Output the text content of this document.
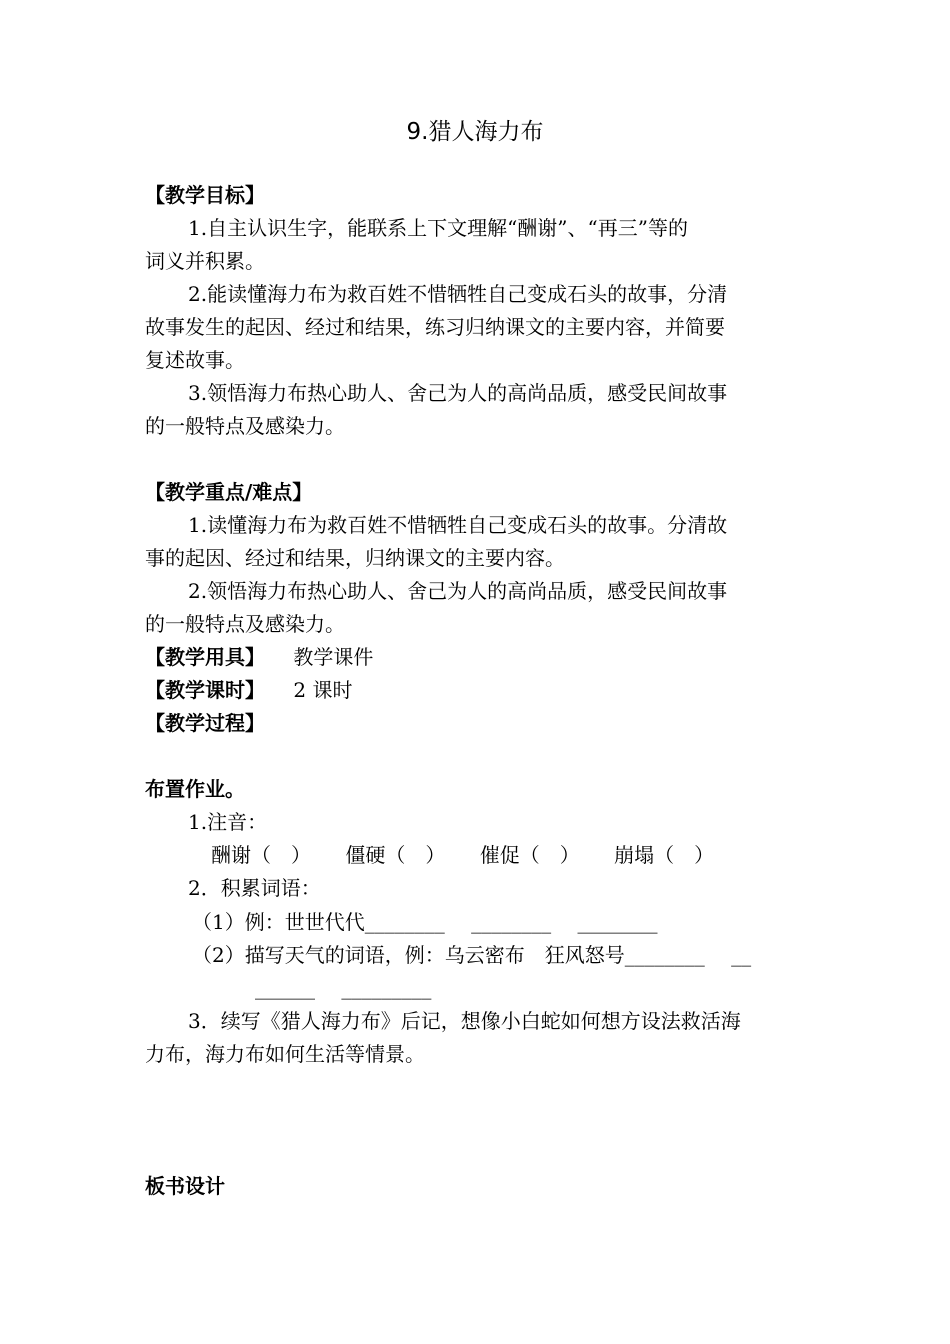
9.猎人海力布
【教学目标】
1.自主认识生字，能联系上下文理解“酬谢”、“再三”等的
词义并积累。
2.能读懂海力布为救百姓不惜牺牲自己变成石头的故事，分清
故事发生的起因、经过和结果，练习归纳课文的主要内容，并简要
复述故事。
3.领悟海力布热心助人、舍己为人的高尚品质，感受民间故事
的一般特点及感染力。
【教学重点/难点】
1.读懂海力布为救百姓不惜牺牲自己变成石头的故事。分清故
事的起因、经过和结果，归纳课文的主要内容。
2.领悟海力布热心助人、舍己为人的高尚品质，感受民间故事
的一般特点及感染力。
【教学用具】 教学课件
【教学课时】 2 课时
【教学过程】
布置作业。
1.注音：
酬谢（　） 僵硬（　） 催促（　） 崩塌（　）
2．积累词语：
（1）例：世世代代________　 ________　 ________
（2）描写天气的词语，例：乌云密布　狂风怒号________　 __
______　 _________
3．续写《猎人海力布》后记，想像小白蛇如何想方设法救活海
力布，海力布如何生活等情景。
板书设计
